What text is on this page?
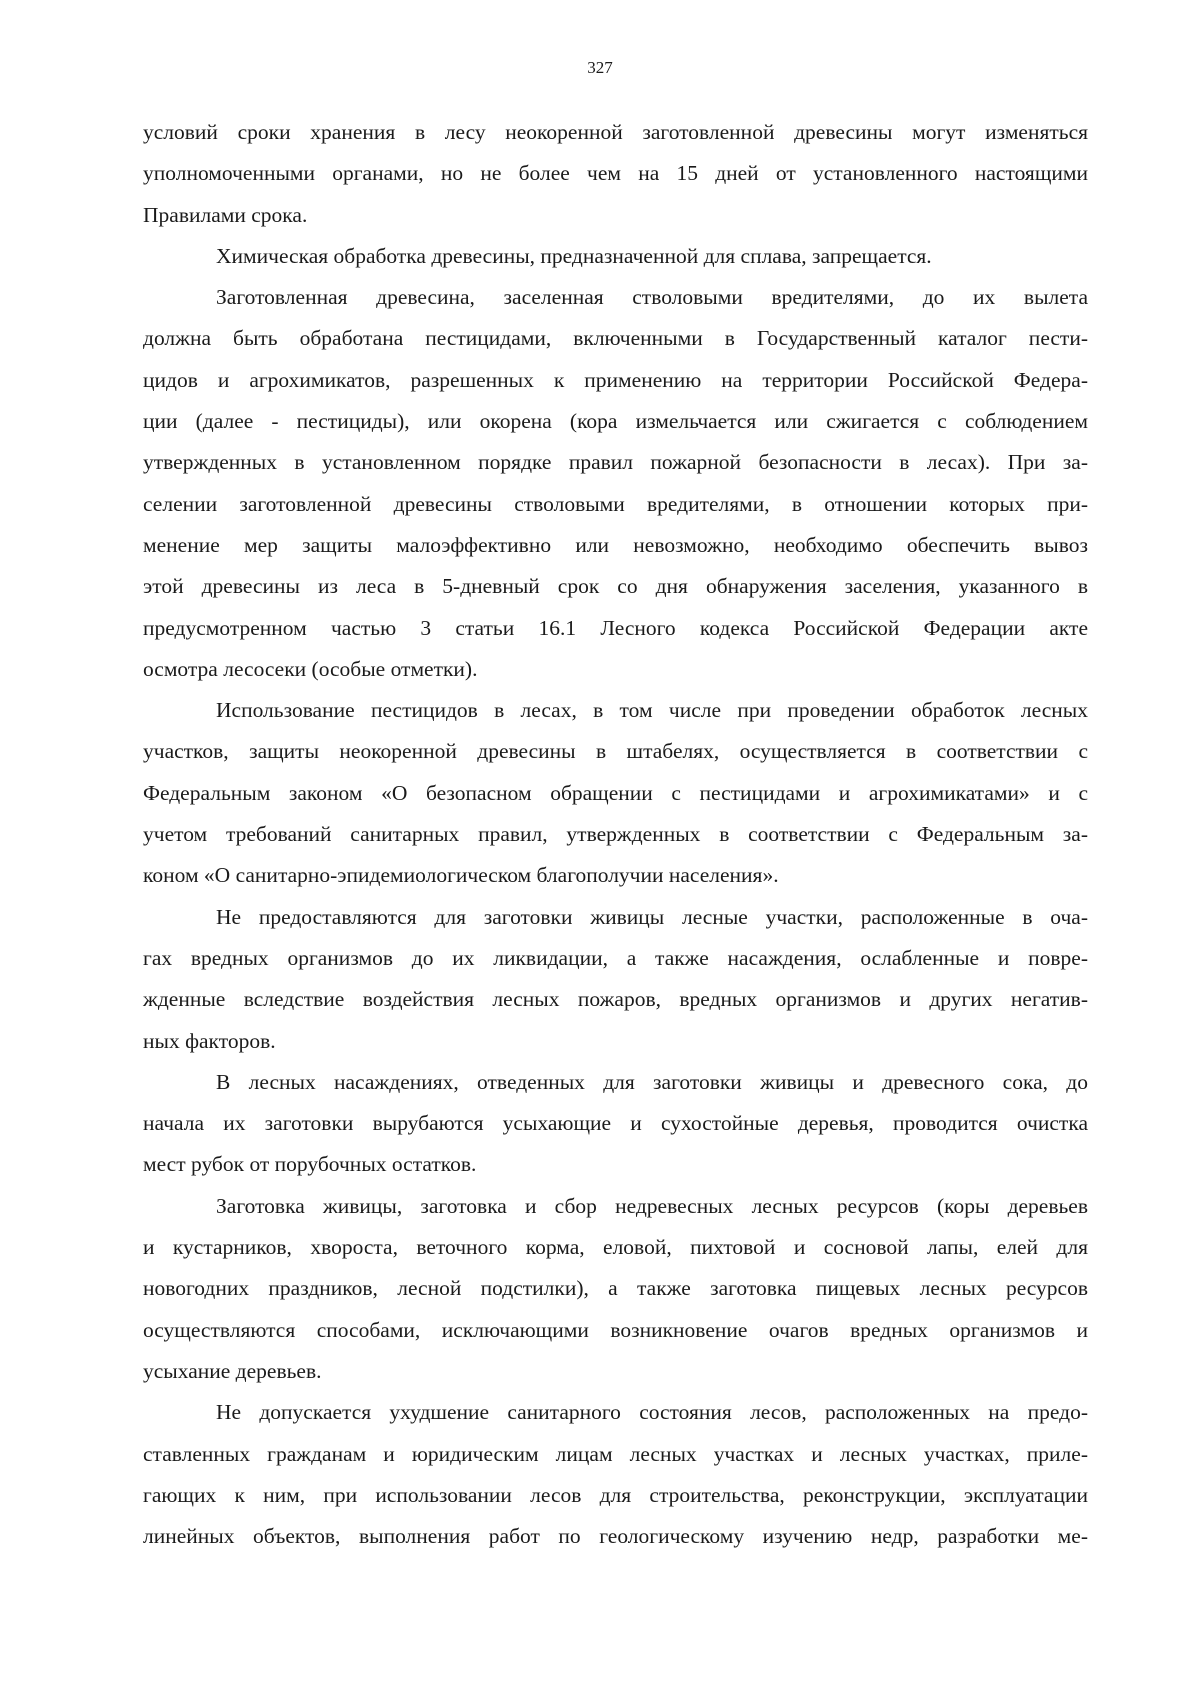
327
условий сроки хранения в лесу неокоренной заготовленной древесины могут изменяться
уполномоченными органами, но не более чем на 15 дней от установленного настоящими
Правилами срока.
Химическая обработка древесины, предназначенной для сплава, запрещается.
Заготовленная древесина, заселенная стволовыми вредителями, до их вылета
должна быть обработана пестицидами, включенными в Государственный каталог пести-
цидов и агрохимикатов, разрешенных к применению на территории Российской Федера-
ции (далее - пестициды), или окорена (кора измельчается или сжигается с соблюдением
утвержденных в установленном порядке правил пожарной безопасности в лесах). При за-
селении заготовленной древесины стволовыми вредителями, в отношении которых при-
менение мер защиты малоэффективно или невозможно, необходимо обеспечить вывоз
этой древесины из леса в 5-дневный срок со дня обнаружения заселения, указанного в
предусмотренном частью 3 статьи 16.1 Лесного кодекса Российской Федерации акте
осмотра лесосеки (особые отметки).
Использование пестицидов в лесах, в том числе при проведении обработок лесных
участков, защиты неокоренной древесины в штабелях, осуществляется в соответствии с
Федеральным законом «О безопасном обращении с пестицидами и агрохимикатами» и с
учетом требований санитарных правил, утвержденных в соответствии с Федеральным за-
коном «О санитарно-эпидемиологическом благополучии населения».
Не предоставляются для заготовки живицы лесные участки, расположенные в оча-
гах вредных организмов до их ликвидации, а также насаждения, ослабленные и повре-
жденные вследствие воздействия лесных пожаров, вредных организмов и других негатив-
ных факторов.
В лесных насаждениях, отведенных для заготовки живицы и древесного сока, до
начала их заготовки вырубаются усыхающие и сухостойные деревья, проводится очистка
мест рубок от порубочных остатков.
Заготовка живицы, заготовка и сбор недревесных лесных ресурсов (коры деревьев
и кустарников, хвороста, веточного корма, еловой, пихтовой и сосновой лапы, елей для
новогодних праздников, лесной подстилки), а также заготовка пищевых лесных ресурсов
осуществляются способами, исключающими возникновение очагов вредных организмов и
усыхание деревьев.
Не допускается ухудшение санитарного состояния лесов, расположенных на предо-
ставленных гражданам и юридическим лицам лесных участках и лесных участках, приле-
гающих к ним, при использовании лесов для строительства, реконструкции, эксплуатации
линейных объектов, выполнения работ по геологическому изучению недр, разработки ме-
